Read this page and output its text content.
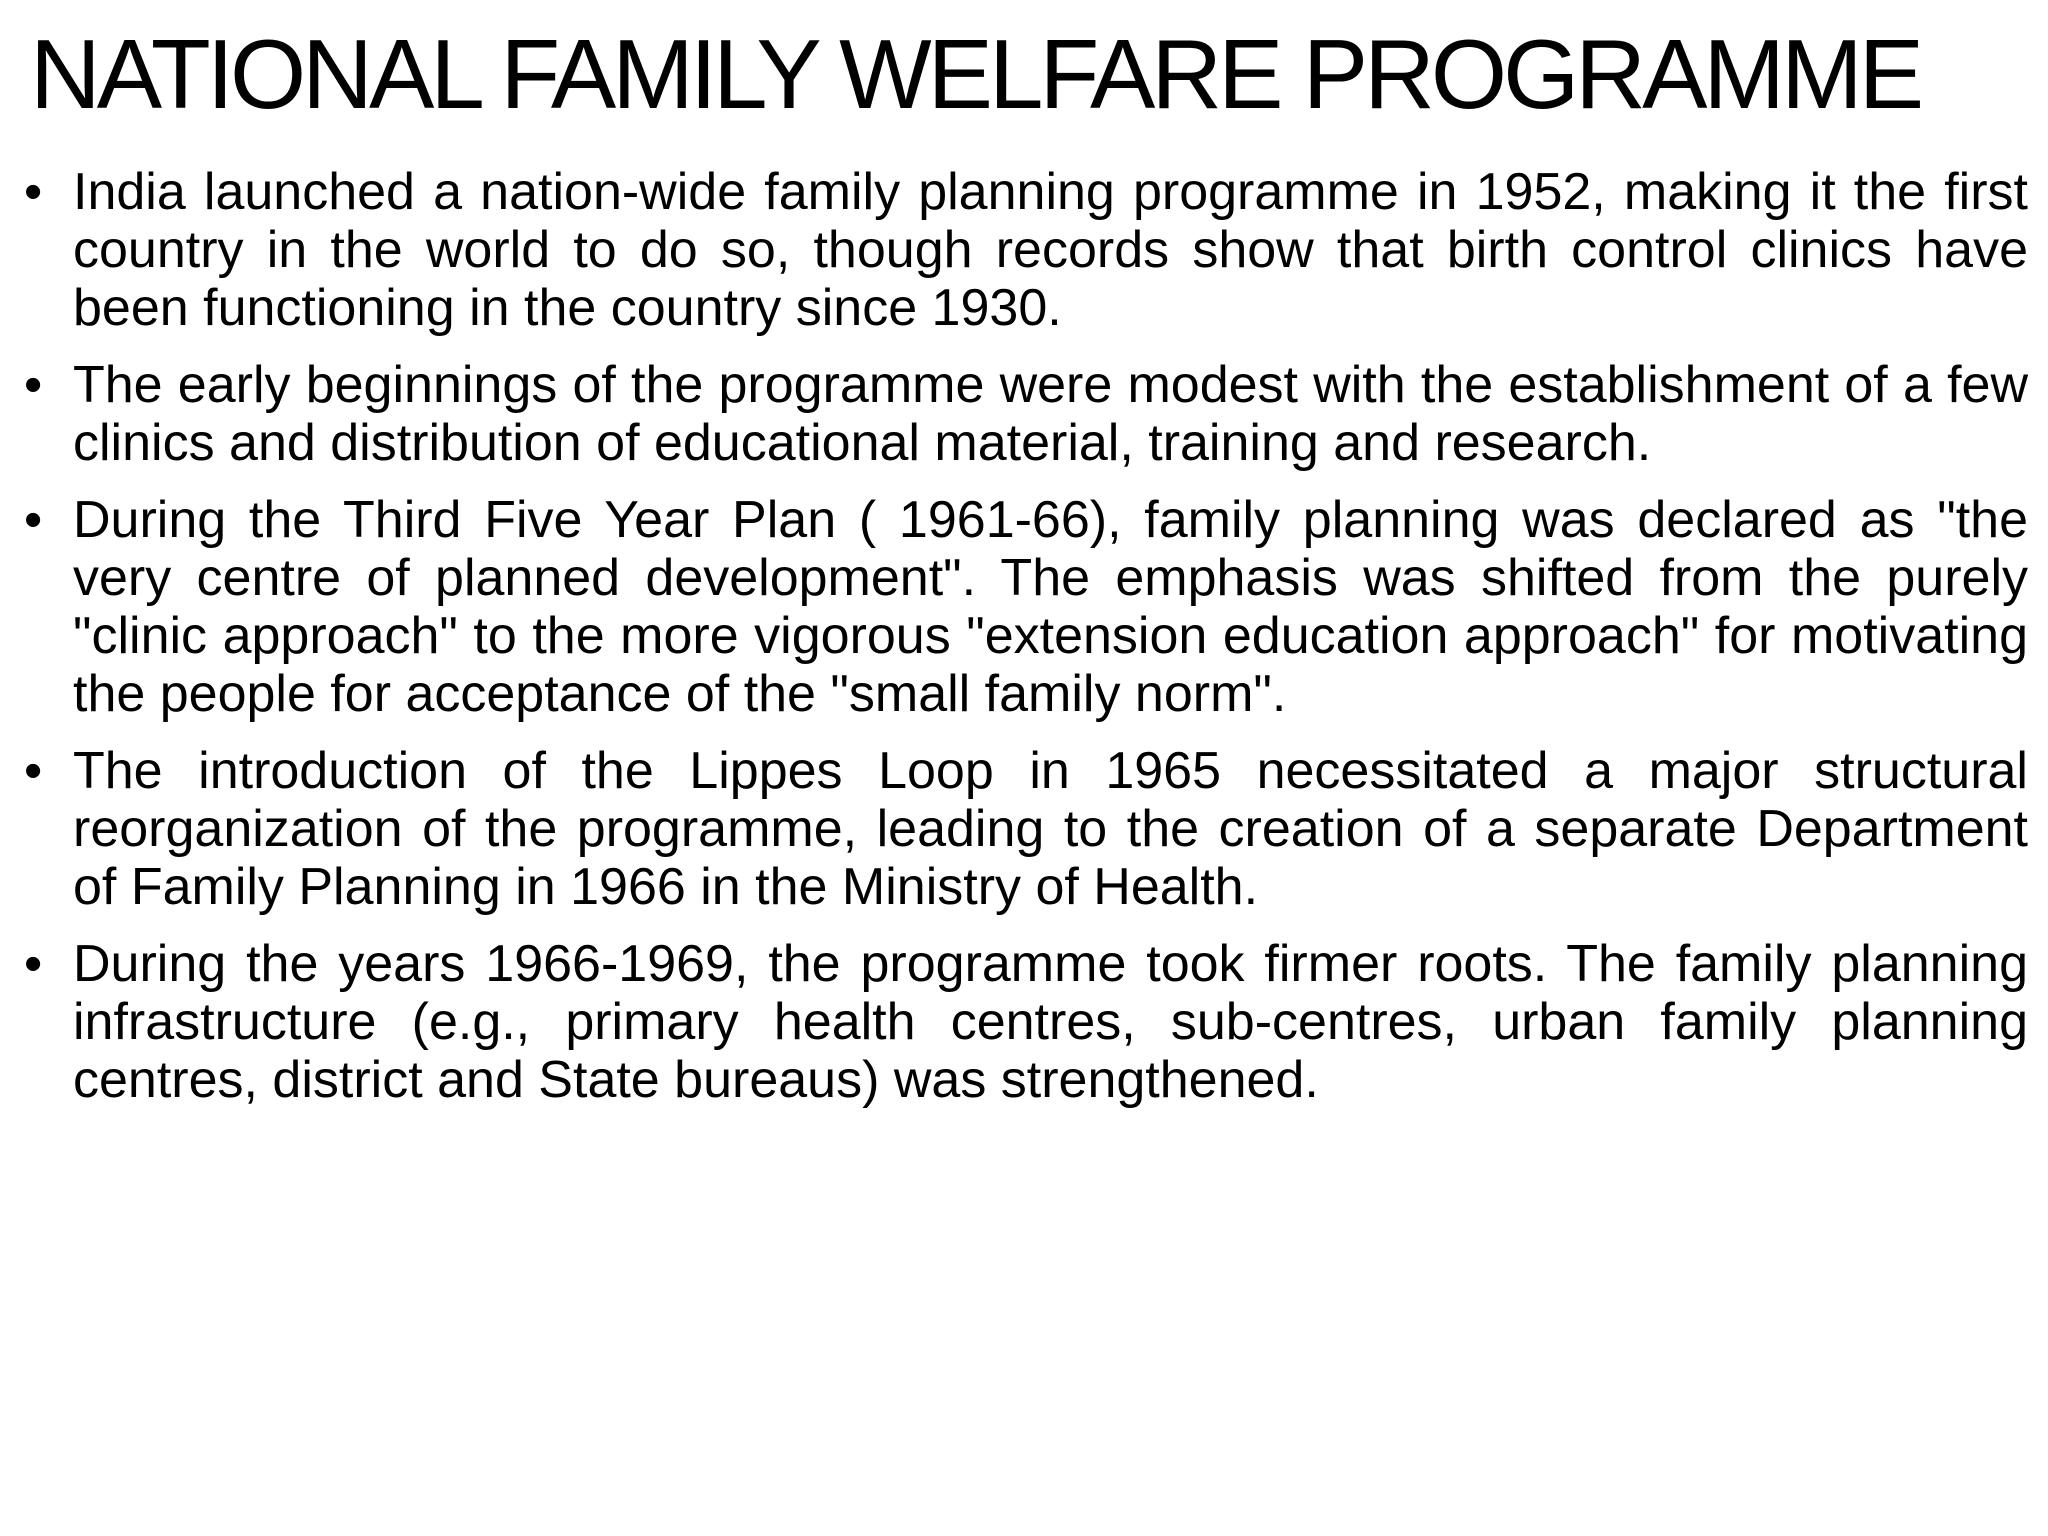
NATIONAL FAMILY WELFARE PROGRAMME
• India launched a nation-wide family planning programme in 1952, making it the first country in the world to do so, though records show that birth control clinics have been functioning in the country since 1930.
• The early beginnings of the programme were modest with the establishment of a few clinics and distribution of educational material, training and research.
• During the Third Five Year Plan ( 1961-66), family planning was declared as "the very centre of planned development". The emphasis was shifted from the purely "clinic approach" to the more vigorous "extension education approach" for motivating the people for acceptance of the "small family norm".
• The introduction of the Lippes Loop in 1965 necessitated a major structural reorganization of the programme, leading to the creation of a separate Department of Family Planning in 1966 in the Ministry of Health.
• During the years 1966-1969, the programme took firmer roots. The family planning infrastructure (e.g., primary health centres, sub-centres, urban family planning centres, district and State bureaus) was strengthened.
